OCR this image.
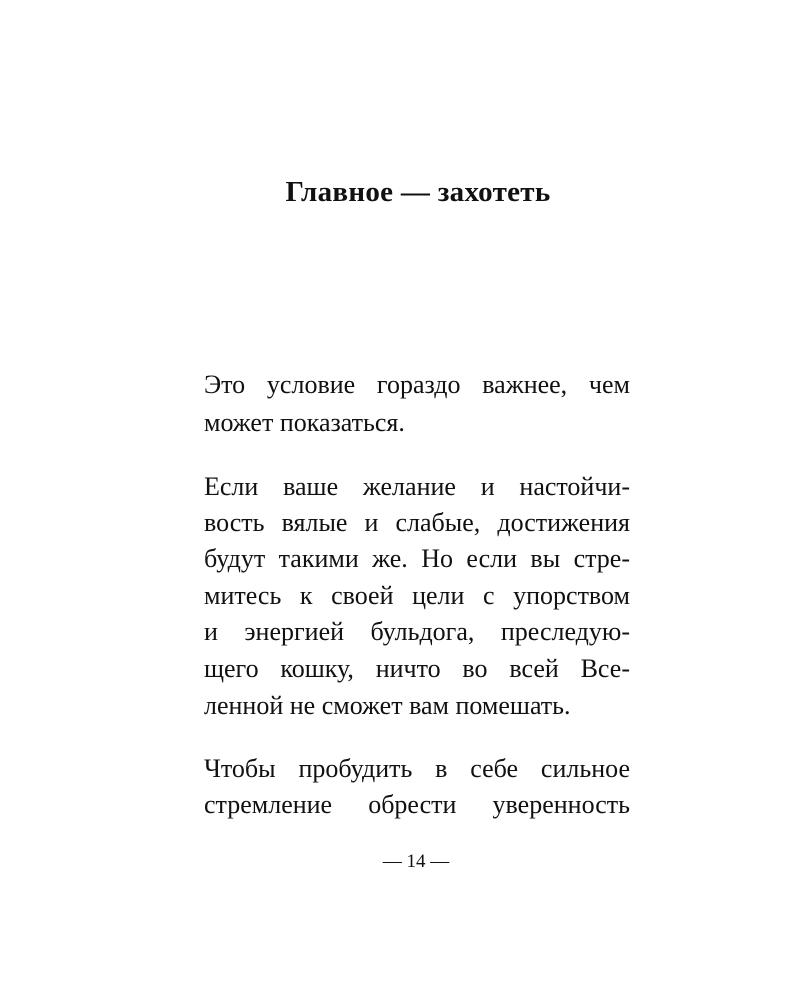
Главное — захотеть

Это условие гораздо важнее, чем

может показаться.

Если ваше желание и настойчи-

вость вялые и слабые, достижения

будут такими же. Но если вы стре-

митесь к своей цели с упорством

и энергией бульдога, преследую-

щего кошку, ничто во всей Все-

ленной не сможет вам помешать.

Чтобы пробудить в себе сильное

стремление обрести уверенность

— 14 —
